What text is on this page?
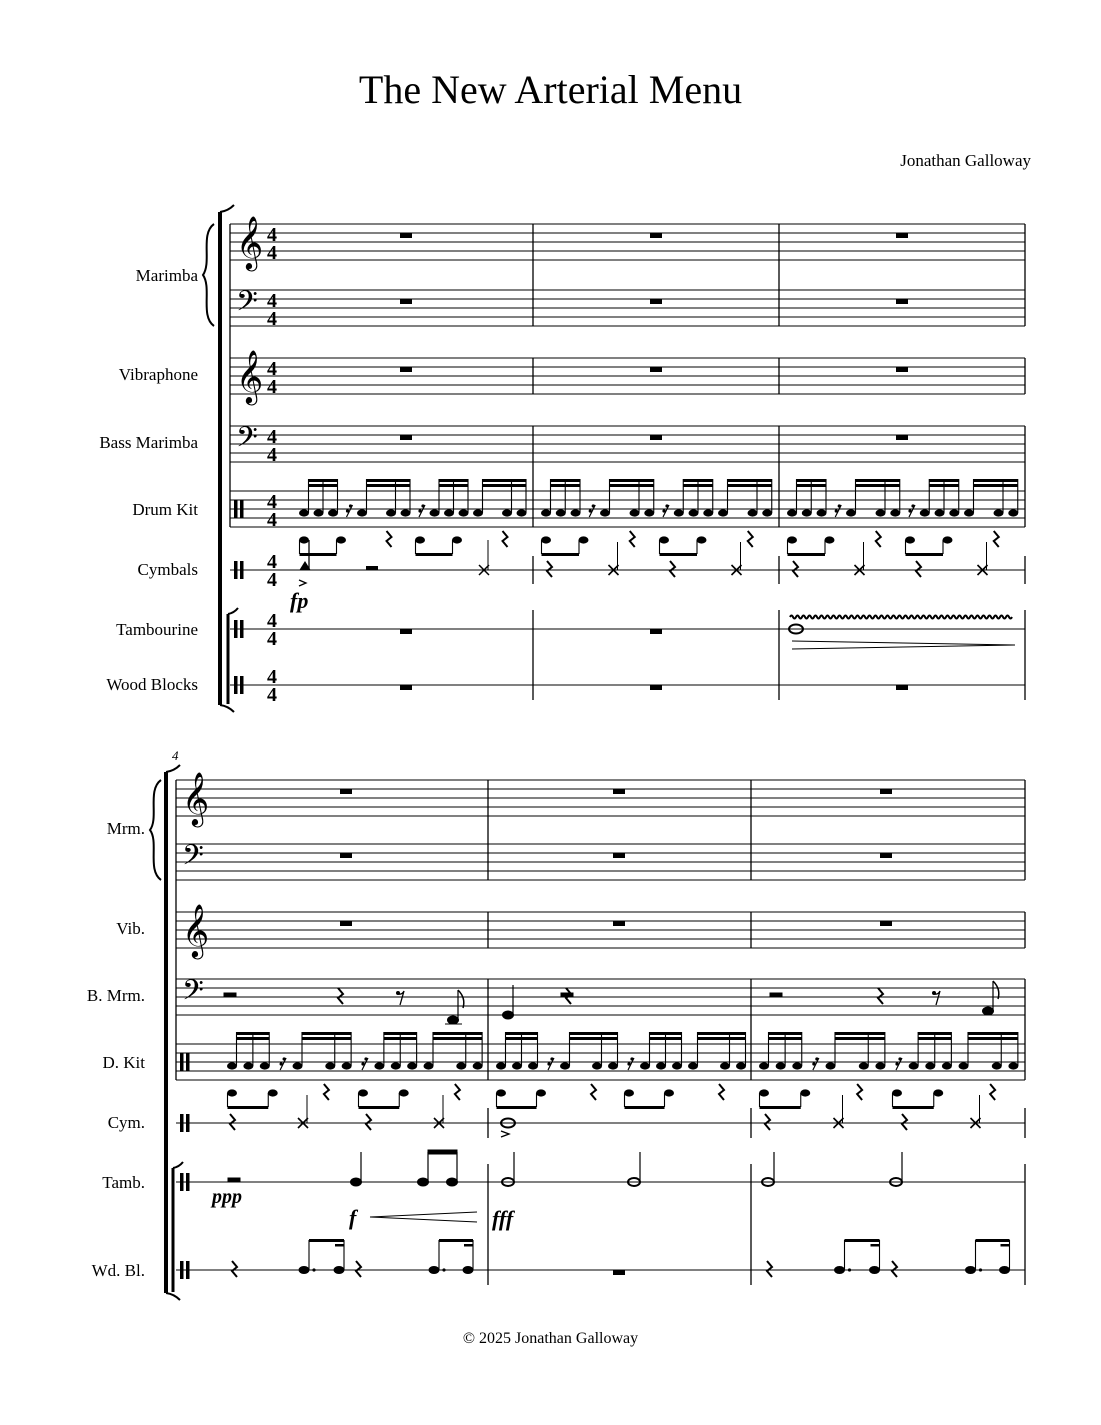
The New Arterial Menu
Jonathan Galloway
Marimba
Vibraphone
Bass Marimba
Drum Kit
Cymbals
Tambourine
Wood Blocks
𝄞
𝄢
𝄞
𝄢
4
4
4
4
4
4
4
4
4
4
4
4
4
4
4
4
fp
4
Mrm.
Vib.
B. Mrm.
D. Kit
Cym.
Tamb.
Wd. Bl.
𝄞
𝄢
𝄞
𝄢
ppp
f	fff
© 2025 Jonathan Galloway
